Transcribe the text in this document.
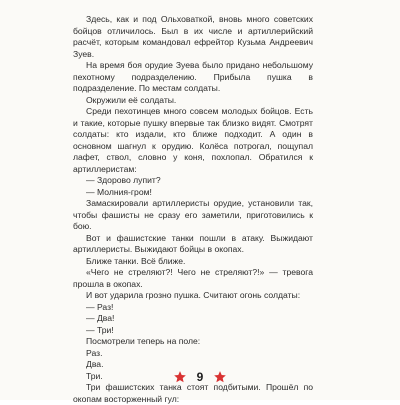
Здесь, как и под Ольховаткой, вновь много советских бойцов отличилось. Был в их числе и артиллерийский расчёт, которым командовал ефрейтор Кузьма Андреевич Зуев.

На время боя орудие Зуева было придано небольшому пехотному подразделению. Прибыла пушка в подразделение. По местам солдаты.

Окружили её солдаты.

Среди пехотинцев много совсем молодых бойцов. Есть и такие, которые пушку впервые так близко видят. Смотрят солдаты: кто издали, кто ближе подходит. А один в основном шагнул к орудию. Колёса потрогал, пощупал лафет, ствол, словно у коня, похлопал. Обратился к артиллеристам:

— Здорово лупит?

— Молния-гром!

Замаскировали артиллеристы орудие, установили так, чтобы фашисты не сразу его заметили, приготовились к бою.

Вот и фашистские танки пошли в атаку. Выжидают артиллеристы. Выжидают бойцы в окопах.

Ближе танки. Всё ближе.

«Чего не стреляют?! Чего не стреляют?!» — тревога прошла в окопах.

И вот ударила грозно пушка. Считают огонь солдаты:

— Раз!

— Два!

— Три!

Посмотрели теперь на поле:

Раз.

Два.

Три.

Три фашистских танка стоят подбитыми. Прошёл по окопам восторженный гул:

9
